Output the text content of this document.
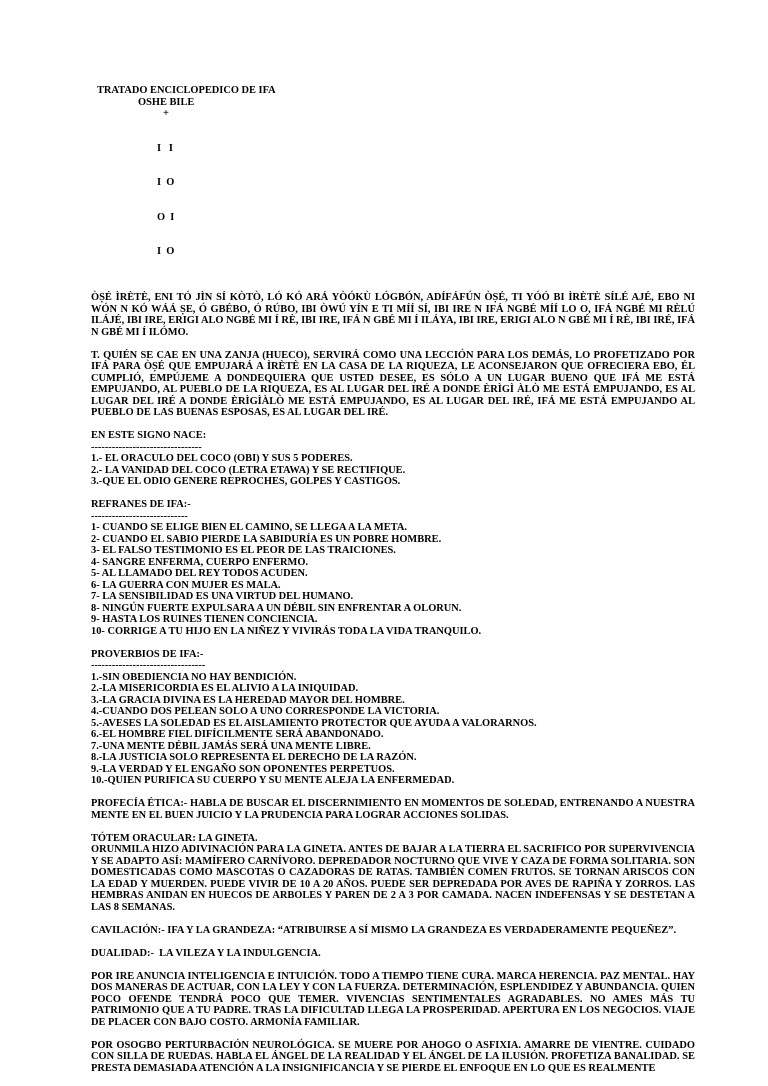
TRATADO ENCICLOPEDICO DE IFA
OSHE BILE
+

I   I

I  O

O  I

I  O

ÒṢÉ ÌRÈTÈ, ENI TÓ JÌN SÍ KÒTÒ, LÓ KÓ ARÁ YÒÓKÙ LÓGBÓN, ADÍFÁFÚN ÒṢÉ, TI YÓÓ BI ÌRÈTÈ SÍLÉ AJÉ, EBO NI WÓN N KÓ WÁÁ ṢE, Ó GBÉBO, Ó RÚBO, IBI ÒWÚ YÍN E TI MÍÍ SÍ, IBI IRE N IFÁ NGBÉ MÍÍ LO O, IFÁ NGBÉ MI RÈLÚ ILÁJÉ, IBI IRE, ERIGI ALO NGBÉ MI Í RÈ, IBI IRE, IFÁ N GBÉ MI Í ILÁYA, IBI IRE, ERIGI ALO N GBÉ MI Í RÈ, IBI IRÉ, IFÁ N GBÉ MI Í ILÓMO.

T. QUIÉN SE CAE EN UNA ZANJA (HUECO), SERVIRÁ COMO UNA LECCIÓN PARA LOS DEMÁS, LO PROFETIZADO POR IFÁ PARA ÒṢÉ QUE EMPUJARÁ A ÌRÈTÈ EN LA CASA DE LA RIQUEZA, LE ACONSEJARON QUE OFRECIERA EBO, ÉL CUMPLIÓ, EMPÚJEME A DONDEQUIERA QUE USTED DESEE, ES SÓLO A UN LUGAR BUENO QUE IFÁ ME ESTÁ EMPUJANDO, AL PUEBLO DE LA RIQUEZA, ES AL LUGAR DEL IRÉ A DONDE ÈRÌGÌ ÀLÒ ME ESTÁ EMPUJANDO, ES AL LUGAR DEL IRÉ A DONDE ÈRÌGÌÀLÒ ME ESTÁ EMPUJANDO, ES AL LUGAR DEL IRÉ, IFÁ ME ESTÁ EMPUJANDO AL PUEBLO DE LAS BUENAS ESPOSAS, ES AL LUGAR DEL IRÉ.

EN ESTE SIGNO NACE:
--------------------------------
1.- EL ORACULO DEL COCO (OBI) Y SUS 5 PODERES.
2.- LA VANIDAD DEL COCO (LETRA ETAWA) Y SE RECTIFIQUE.
3.-QUE EL ODIO GENERE REPROCHES, GOLPES Y CASTIGOS.
REFRANES DE IFA:-
----------------------------
1- CUANDO SE ELIGE BIEN EL CAMINO, SE LLEGA A LA META.
2- CUANDO EL SABIO PIERDE LA SABIDURÍA ES UN POBRE HOMBRE.
3- EL FALSO TESTIMONIO ES EL PEOR DE LAS TRAICIONES.
4- SANGRE ENFERMA, CUERPO ENFERMO.
5- AL LLAMADO DEL REY TODOS ACUDEN.
6- LA GUERRA CON MUJER ES MALA.
7- LA SENSIBILIDAD ES UNA VIRTUD DEL HUMANO.
8- NINGÚN FUERTE EXPULSARA A UN DÉBIL SIN ENFRENTAR A OLORUN.
9- HASTA LOS RUINES TIENEN CONCIENCIA.
10- CORRIGE A TU HIJO EN LA NIÑEZ Y VIVIRÁS TODA LA VIDA TRANQUILO.
PROVERBIOS DE IFA:-
---------------------------------
1.-SIN OBEDIENCIA NO HAY BENDICIÓN.
2.-LA MISERICORDIA ES EL ALIVIO A LA INIQUIDAD.
3.-LA GRACIA DIVINA ES LA HEREDAD MAYOR DEL HOMBRE.
4.-CUANDO DOS PELEAN SOLO A UNO CORRESPONDE LA VICTORIA.
5.-AVESES LA SOLEDAD ES EL AISLAMIENTO PROTECTOR QUE AYUDA A VALORARNOS.
6.-EL HOMBRE FIEL DIFÍCILMENTE SERÁ ABANDONADO.
7.-UNA MENTE DÉBIL JAMÁS SERÁ UNA MENTE LIBRE.
8.-LA JUSTICIA SOLO REPRESENTA EL DERECHO DE LA RAZÓN.
9.-LA VERDAD Y EL ENGAÑO SON OPONENTES PERPETUOS.
10.-QUIEN PURIFICA SU CUERPO Y SU MENTE ALEJA LA ENFERMEDAD.

PROFECÍA ÉTICA:- HABLA DE BUSCAR EL DISCERNIMIENTO EN MOMENTOS DE SOLEDAD, ENTRENANDO A NUESTRA MENTE EN EL BUEN JUICIO Y LA PRUDENCIA PARA LOGRAR ACCIONES SOLIDAS.

TÓTEM ORACULAR: LA GINETA.
ORUNMILA HIZO ADIVINACIÓN PARA LA GINETA. ANTES DE BAJAR A LA TIERRA EL SACRIFICO POR SUPERVIVENCIA Y SE ADAPTO ASÍ: MAMÍFERO CARNÍVORO. DEPREDADOR NOCTURNO QUE VIVE Y CAZA DE FORMA SOLITARIA. SON DOMESTICADAS COMO MASCOTAS O CAZADORAS DE RATAS. TAMBIÉN COMEN FRUTOS. SE TORNAN ARISCOS CON LA EDAD Y MUERDEN. PUEDE VIVIR DE 10 A 20 AÑOS. PUEDE SER DEPREDADA POR AVES DE RAPIÑA Y ZORROS. LAS HEMBRAS ANIDAN EN HUECOS DE ARBOLES Y PAREN DE 2 A 3 POR CAMADA. NACEN INDEFENSAS Y SE DESTETAN A LAS 8 SEMANAS.

CAVILACIÓN:- IFA Y LA GRANDEZA: “ATRIBUIRSE A SÍ MISMO LA GRANDEZA ES VERDADERAMENTE PEQUEÑEZ”.

DUALIDAD:-  LA VILEZA Y LA INDULGENCIA.

POR IRE ANUNCIA INTELIGENCIA E INTUICIÓN. TODO A TIEMPO TIENE CURA. MARCA HERENCIA. PAZ MENTAL. HAY DOS MANERAS DE ACTUAR, CON LA LEY Y CON LA FUERZA. DETERMINACIÓN, ESPLENDIDEZ Y ABUNDANCIA. QUIEN POCO OFENDE TENDRÁ POCO QUE TEMER. VIVENCIAS SENTIMENTALES AGRADABLES. NO AMES MÁS TU PATRIMONIO QUE A TU PADRE. TRAS LA DIFICULTAD LLEGA LA PROSPERIDAD. APERTURA EN LOS NEGOCIOS. VIAJE DE PLACER CON BAJO COSTO. ARMONÍA FAMILIAR.

POR OSOGBO PERTURBACIÓN NEUROLÓGICA. SE MUERE POR AHOGO O ASFIXIA. AMARRE DE VIENTRE. CUIDADO CON SILLA DE RUEDAS. HABLA EL ÁNGEL DE LA REALIDAD Y EL ÁNGEL DE LA ILUSIÓN. PROFETIZA BANALIDAD. SE PRESTA DEMASIADA ATENCIÓN A LA INSIGNIFICANCIA Y SE PIERDE EL ENFOQUE EN LO QUE ES REALMENTE
